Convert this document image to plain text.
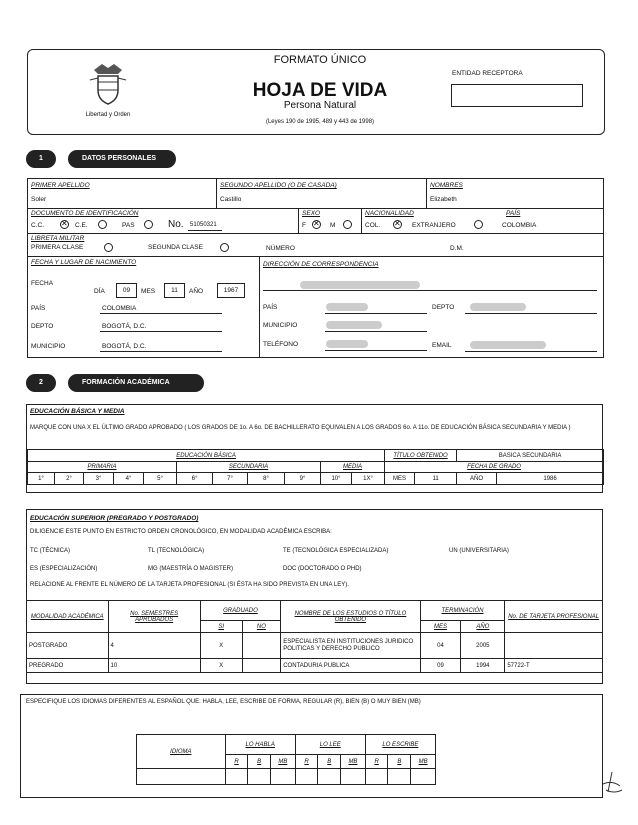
Libertad y Orden
FORMATO ÚNICO
HOJA DE VIDA
Persona Natural
(Leyes 190 de 1995, 489 y 443 de 1998)
ENTIDAD RECEPTORA
1	DATOS PERSONALES
PRIMER APELLIDO
Soler
SEGUNDO APELLIDO (O DE CASADA)
Castillo
NOMBRES
Elizabeth
DOCUMENTO DE IDENTIFICACIÓN
C.C. ✕	C.E.	PAS	No. 51050321
SEXO
F ✕	M
NACIONALIDAD
COL. ✕	EXTRANJERO
PAÍS
COLOMBIA
LIBRETA MILITAR
PRIMERA CLASE	SEGUNDA CLASE	NÚMERO	D.M.
FECHA Y LUGAR DE NACIMIENTO
FECHA
DÍA	09	MES	11	AÑO	1967
PAÍS	COLOMBIA
DEPTO	BOGOTÁ, D.C.
MUNICIPIO	BOGOTÁ, D.C.
DIRECCIÓN DE CORRESPONDENCIA
PAÍS	DEPTO
MUNICIPIO
TELÉFONO	EMAIL
2	FORMACIÓN ACADÉMICA
EDUCACIÓN BÁSICA Y MEDIA
MARQUE CON UNA X EL ÚLTIMO GRADO APROBADO ( LOS GRADOS DE 1o. A 6o. DE BACHILLERATO EQUIVALEN A LOS GRADOS 6o. A 11o. DE EDUCACIÓN BÁSICA SECUNDARIA Y MEDIA )
EDUCACIÓN BÁSICA											TÍTULO OBTENIDO		BASICA SECUNDARIA	
PRIMARIA					SECUNDARIA				MEDIA		FECHA DE GRADO			
1°	2°	3°	4°	5°	6°	7°	8°	9°	10°	1X°	MES	11	AÑO	1986
EDUCACIÓN SUPERIOR (PREGRADO Y POSTGRADO)
DILIGENCIE ESTE PUNTO EN ESTRICTO ORDEN CRONOLÓGICO, EN MODALIDAD ACADÉMICA ESCRIBA:
TC (TÉCNICA)	TL (TECNOLÓGICA)	TE (TECNOLÓGICA ESPECIALIZADA)	UN (UNIVERSITARIA)
ES (ESPECIALIZACIÓN)	MG (MAESTRÍA O MAGISTER)	DOC (DOCTORADO O PHD)
RELACIONE AL FRENTE EL NÚMERO DE LA TARJETA PROFESIONAL (SI ÉSTA HA SIDO PREVISTA EN UNA LEY).
MODALIDAD ACADÉMICA	No. SEMESTRES APROBADOS	GRADUADO		NOMBRE DE LOS ESTUDIOS O TÍTULO OBTENIDO	TERMINACIÓN		No. DE TARJETA PROFESIONAL
		SI	NO		MES	AÑO	
POSTGRADO	4	X		ESPECIALISTA EN INSTITUCIONES JURIDICO POLITICAS Y DERECHO PUBLICO	04	2005	
PREGRADO	10	X		CONTADURIA PUBLICA	09	1994	57722-T
ESPECIFIQUE LOS IDIOMAS DIFERENTES AL ESPAÑOL QUE: HABLA, LEE, ESCRIBE DE FORMA, REGULAR (R), BIEN (B) O MUY BIEN (MB)
IDIOMA	LO HABLA			LO LEE			LO ESCRIBE		
	R	B	MB	R	B	MB	R	B	MB
